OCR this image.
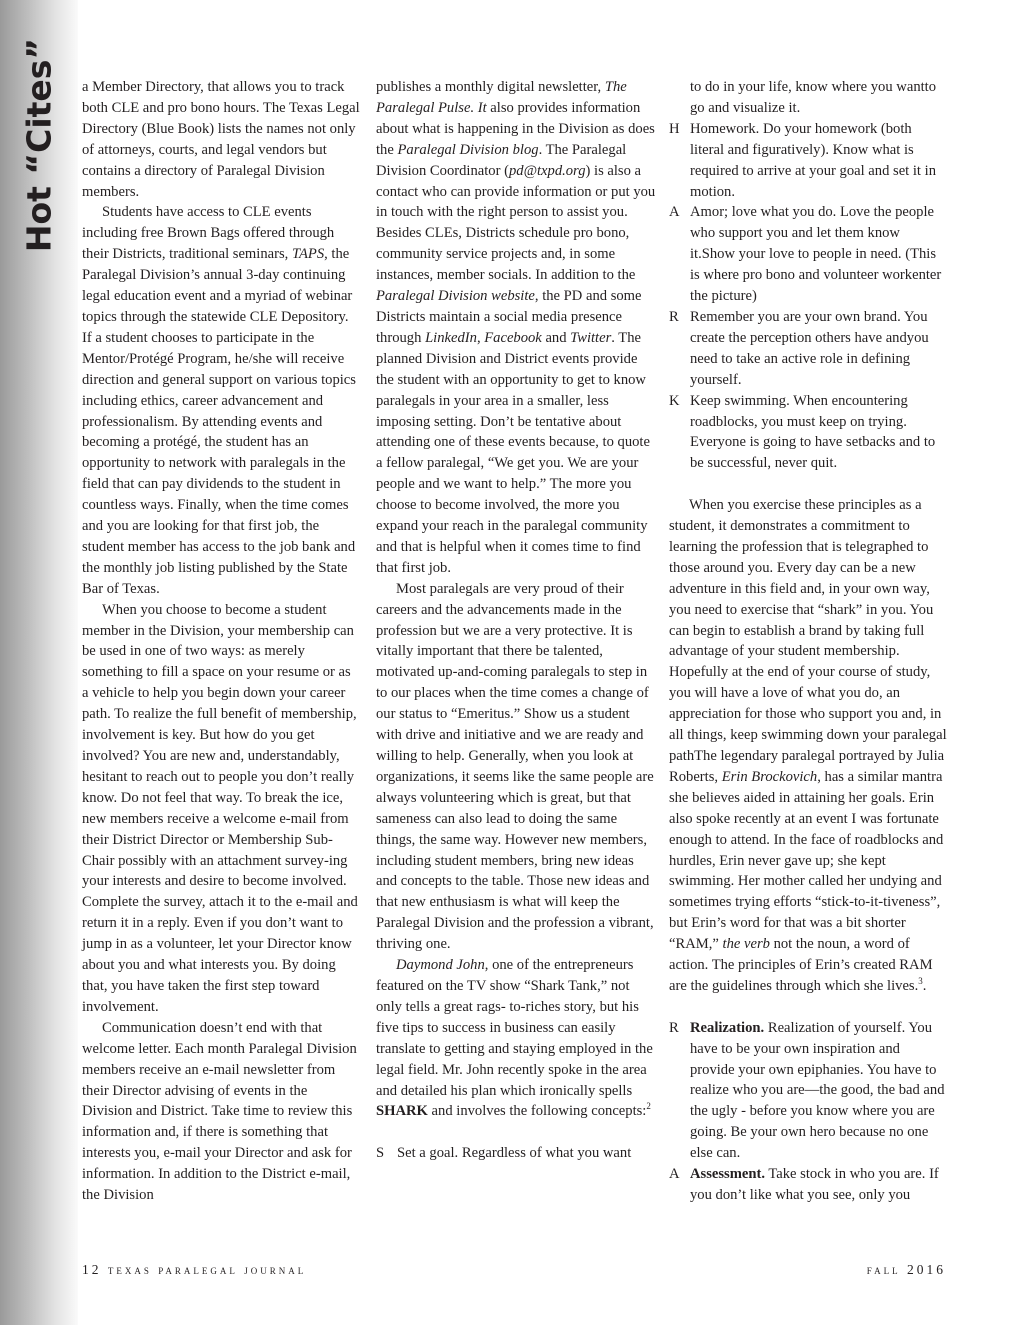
Hot “Cites” a Member Directory, that allows you to track both CLE and pro bono hours. The Texas Legal Directory (Blue Book) lists the names not only of attorneys, courts, and legal vendors but contains a directory of Paralegal Division members.

Students have access to CLE events including free Brown Bags offered through their Districts, traditional seminars, TAPS, the Paralegal Division’s annual 3-day continuing legal education event and a myriad of webinar topics through the statewide CLE Depository. If a student chooses to participate in the Mentor/Protégé Program, he/she will receive direction and general support on various topics including ethics, career advancement and professionalism. By attending events and becoming a protégé, the student has an opportunity to network with paralegals in the field that can pay dividends to the student in countless ways. Finally, when the time comes and you are looking for that first job, the student member has access to the job bank and the monthly job listing published by the State Bar of Texas.

When you choose to become a student member in the Division, your membership can be used in one of two ways: as merely something to fill a space on your resume or as a vehicle to help you begin down your career path. To realize the full benefit of membership, involvement is key. But how do you get involved? You are new and, understandably, hesitant to reach out to people you don’t really know. Do not feel that way. To break the ice, new members receive a welcome e-mail from their District Director or Membership Sub-Chair possibly with an attachment survey-ing your interests and desire to become involved. Complete the survey, attach it to the e-mail and return it in a reply. Even if you don’t want to jump in as a volunteer, let your Director know about you and what interests you. By doing that, you have taken the first step toward involvement.

Communication doesn’t end with that welcome letter. Each month Paralegal Division members receive an e-mail newsletter from their Director advising of events in the Division and District. Take time to review this information and, if there is something that interests you, e-mail your Director and ask for information. In addition to the District e-mail, the Division

publishes a monthly digital newsletter, The Paralegal Pulse. It also provides information about what is happening in the Division as does the Paralegal Division blog. The Paralegal Division Coordinator (pd@txpd.org) is also a contact who can provide information or put you in touch with the right person to assist you. Besides CLEs, Districts schedule pro bono, community service projects and, in some instances, member socials. In addition to the Paralegal Division website, the PD and some Districts maintain a social media presence through LinkedIn, Facebook and Twitter. The planned Division and District events provide the student with an opportunity to get to know paralegals in your area in a smaller, less imposing setting. Don’t be tentative about attending one of these events because, to quote a fellow paralegal, “We get you. We are your people and we want to help.” The more you choose to become involved, the more you expand your reach in the paralegal community and that is helpful when it comes time to find that first job.

Most paralegals are very proud of their careers and the advancements made in the profession but we are a very protective. It is vitally important that there be talented, motivated up-and-coming paralegals to step in to our places when the time comes a change of our status to “Emeritus.” Show us a student with drive and initiative and we are ready and willing to help. Generally, when you look at organizations, it seems like the same people are always volunteering which is great, but that sameness can also lead to doing the same things, the same way. However new members, including student members, bring new ideas and concepts to the table. Those new ideas and that new enthusiasm is what will keep the Paralegal Division and the profession a vibrant, thriving one.

Daymond John, one of the entrepreneurs featured on the TV show “Shark Tank,” not only tells a great rags- to-riches story, but his five tips to success in business can easily translate to getting and staying employed in the legal field. Mr. John recently spoke in the area and detailed his plan which ironically spells SHARK and involves the following concepts:$^2$

S Set a goal. Regardless of what you want

to do in your life, know where you wantto go and visualize it.

H Homework. Do your homework (both literal and figuratively). Know what is required to arrive at your goal and set it in motion.

A Amor; love what you do. Love the people who support you and let them know it.Show your love to people in need. (This is where pro bono and volunteer workenter the picture)

R Remember you are your own brand. You create the perception others have andyou need to take an active role in defining yourself.

K Keep swimming. When encountering roadblocks, you must keep on trying. Everyone is going to have setbacks and to be successful, never quit.

When you exercise these principles as a student, it demonstrates a commitment to learning the profession that is telegraphed to those around you. Every day can be a new adventure in this field and, in your own way, you need to exercise that “shark” in you. You can begin to establish a brand by taking full advantage of your student membership. Hopefully at the end of your course of study, you will have a love of what you do, an appreciation for those who support you and, in all things, keep swimming down your paralegal pathThe legendary paralegal portrayed by Julia Roberts, Erin Brockovich, has a similar mantra she believes aided in attaining her goals. Erin also spoke recently at an event I was fortunate enough to attend. In the face of roadblocks and hurdles, Erin never gave up; she kept swimming. Her mother called her undying and sometimes trying efforts “stick-to-it-tiveness”, but Erin’s word for that was a bit shorter “RAM,” the verb not the noun, a word of action. The principles of Erin’s created RAM are the guidelines through which she lives.$^3$.

R Realization. Realization of yourself. You have to be your own inspiration and provide your own epiphanies. You have to realize who you are—the good, the bad and the ugly - before you know where you are going. Be your own hero because no one else can.

A Assessment. Take stock in who you are. If you don’t like what you see, only you

12 texas paralegal journal	fall 2016
